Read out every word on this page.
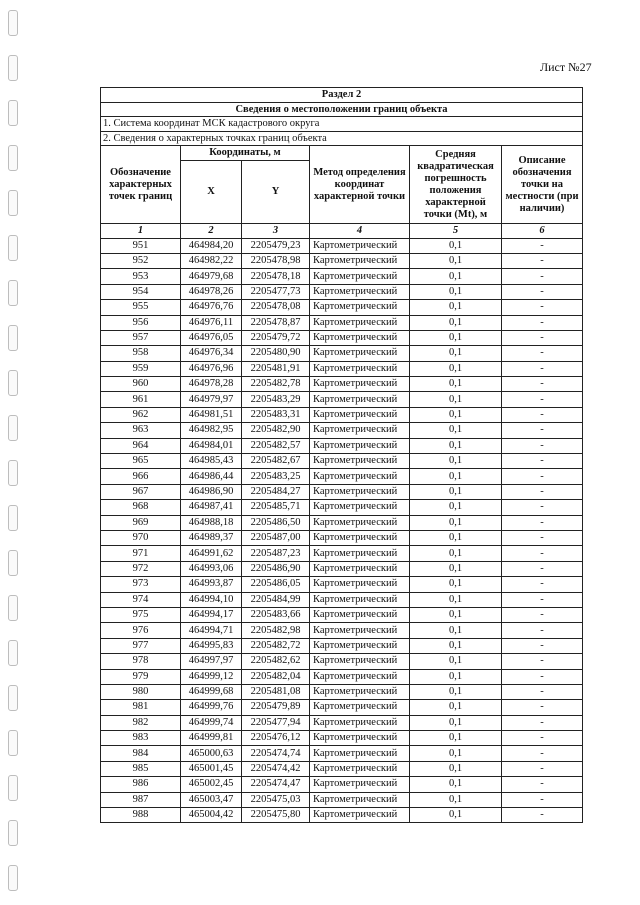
Лист №27
Раздел 2					
Сведения о местоположении границ объекта					
1. Система координат МСК кадастрового округа					
2. Сведения о характерных точках границ объекта					
Обозначение характерных точек границ	Координаты, м		Метод определения координат характерной точки	Средняя квадратическая погрешность положения характерной точки (Mt), м	Описание обозначения точки на местности (при наличии)
	X	Y			
1	2	3	4	5	6
951	464984,20	2205479,23	Картометрический	0,1	-
952	464982,22	2205478,98	Картометрический	0,1	-
953	464979,68	2205478,18	Картометрический	0,1	-
954	464978,26	2205477,73	Картометрический	0,1	-
955	464976,76	2205478,08	Картометрический	0,1	-
956	464976,11	2205478,87	Картометрический	0,1	-
957	464976,05	2205479,72	Картометрический	0,1	-
958	464976,34	2205480,90	Картометрический	0,1	-
959	464976,96	2205481,91	Картометрический	0,1	-
960	464978,28	2205482,78	Картометрический	0,1	-
961	464979,97	2205483,29	Картометрический	0,1	-
962	464981,51	2205483,31	Картометрический	0,1	-
963	464982,95	2205482,90	Картометрический	0,1	-
964	464984,01	2205482,57	Картометрический	0,1	-
965	464985,43	2205482,67	Картометрический	0,1	-
966	464986,44	2205483,25	Картометрический	0,1	-
967	464986,90	2205484,27	Картометрический	0,1	-
968	464987,41	2205485,71	Картометрический	0,1	-
969	464988,18	2205486,50	Картометрический	0,1	-
970	464989,37	2205487,00	Картометрический	0,1	-
971	464991,62	2205487,23	Картометрический	0,1	-
972	464993,06	2205486,90	Картометрический	0,1	-
973	464993,87	2205486,05	Картометрический	0,1	-
974	464994,10	2205484,99	Картометрический	0,1	-
975	464994,17	2205483,66	Картометрический	0,1	-
976	464994,71	2205482,98	Картометрический	0,1	-
977	464995,83	2205482,72	Картометрический	0,1	-
978	464997,97	2205482,62	Картометрический	0,1	-
979	464999,12	2205482,04	Картометрический	0,1	-
980	464999,68	2205481,08	Картометрический	0,1	-
981	464999,76	2205479,89	Картометрический	0,1	-
982	464999,74	2205477,94	Картометрический	0,1	-
983	464999,81	2205476,12	Картометрический	0,1	-
984	465000,63	2205474,74	Картометрический	0,1	-
985	465001,45	2205474,42	Картометрический	0,1	-
986	465002,45	2205474,47	Картометрический	0,1	-
987	465003,47	2205475,03	Картометрический	0,1	-
988	465004,42	2205475,80	Картометрический	0,1	-
